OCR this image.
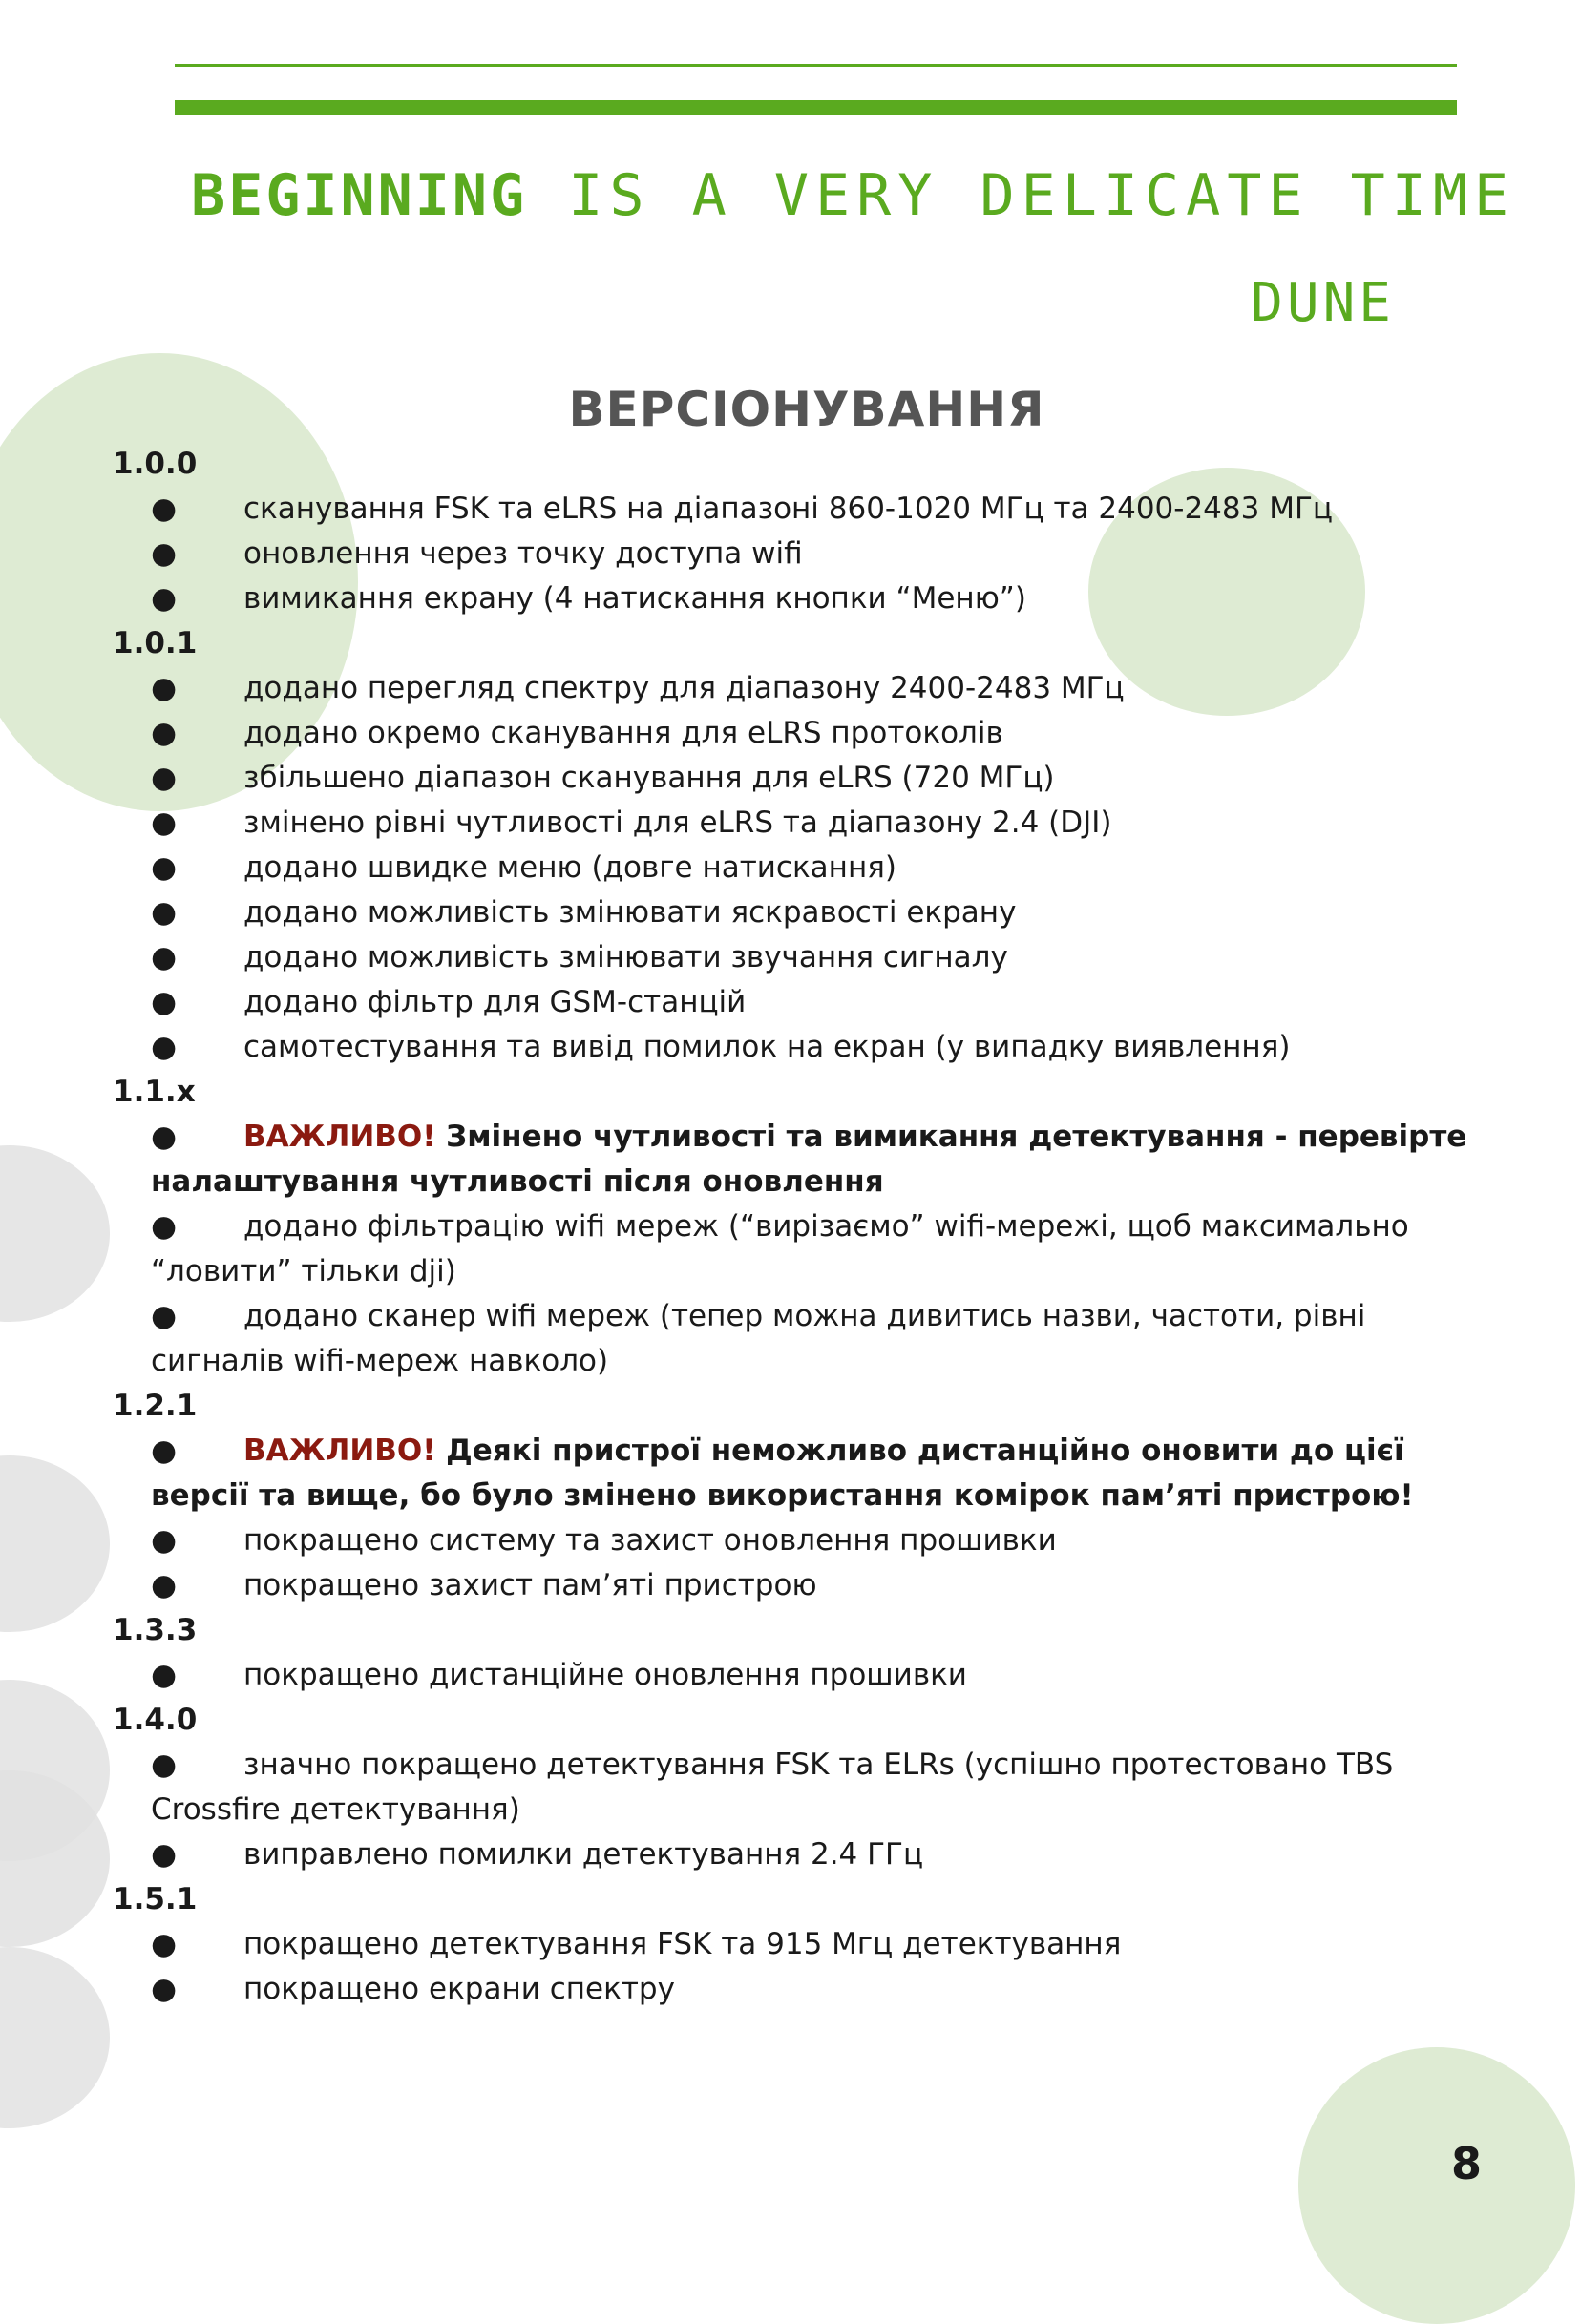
BEGINNING IS A VERY DELICATE TIME
DUNE
ВЕРСІОНУВАННЯ
1.0.0
● сканування FSK та eLRS на діапазоні 860-1020 МГц та 2400-2483 МГц
● оновлення через точку доступа wifi
● вимикання екрану (4 натискання кнопки “Меню”)
1.0.1
● додано перегляд спектру для діапазону 2400-2483 МГц
● додано окремо сканування для eLRS протоколів
● збільшено діапазон сканування для eLRS (720 МГц)
● змінено рівні чутливості для eLRS та діапазону 2.4 (DJI)
● додано швидке меню (довге натискання)
● додано можливість змінювати яскравості екрану
● додано можливість змінювати звучання сигналу
● додано фільтр для GSM-станцій
● самотестування та вивід помилок на екран (у випадку виявлення)
1.1.x
● ВАЖЛИВО! Змінено чутливості та вимикання детектування - перевірте налаштування чутливості після оновлення
● додано фільтрацію wifi мереж (“вирізаємо” wifi-мережі, щоб максимально “ловити” тільки dji)
● додано сканер wifi мереж (тепер можна дивитись назви, частоти, рівні сигналів wifi-мереж навколо)
1.2.1
● ВАЖЛИВО! Деякі пристрої неможливо дистанційно оновити до цієї версії та вище, бо було змінено використання комірок пам’яті пристрою!
● покращено систему та захист оновлення прошивки
● покращено захист пам’яті пристрою
1.3.3
● покращено дистанційне оновлення прошивки
1.4.0
● значно покращено детектування FSK та ELRs (успішно протестовано TBS Crossfire детектування)
● виправлено помилки детектування 2.4 ГГц
1.5.1
● покращено детектування FSK та 915 Мгц детектування
● покращено екрани спектру
8
